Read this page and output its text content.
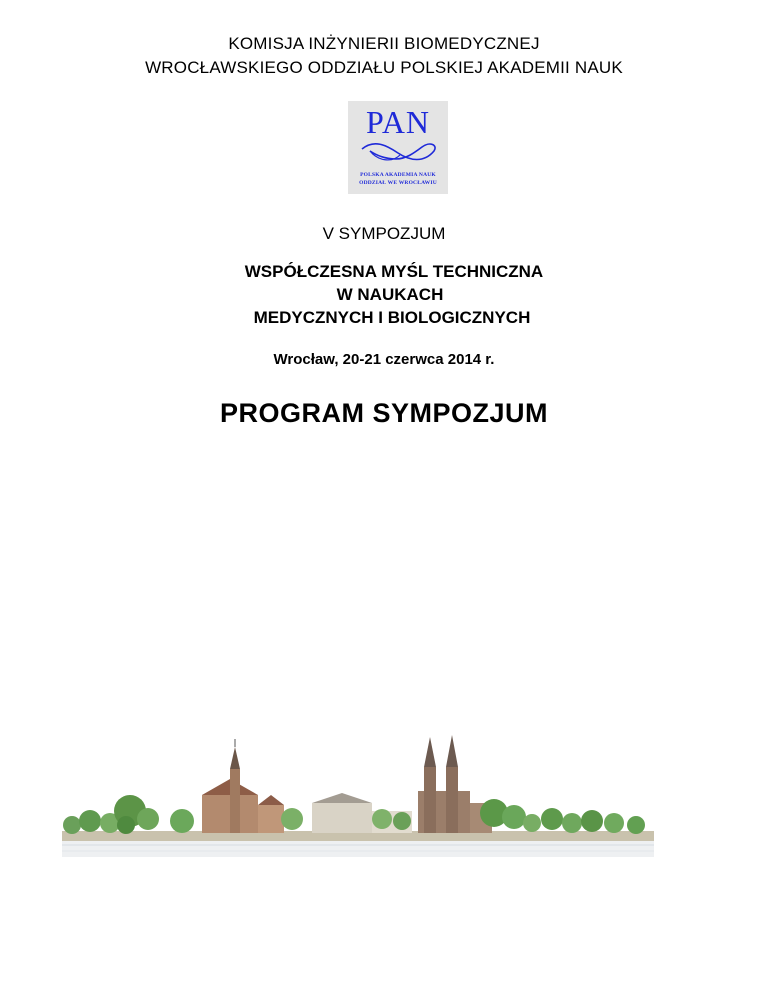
KOMISJA INŻYNIERII BIOMEDYCZNEJ
WROCŁAWSKIEGO ODDZIAŁU POLSKIEJ AKADEMII NAUK
PAN
POLSKA AKADEMIA NAUK
ODDZIAŁ WE WROCŁAWIU
V SYMPOZJUM
WSPÓŁCZESNA MYŚL TECHNICZNA
W NAUKACH
MEDYCZNYCH I BIOLOGICZNYCH
Wrocław, 20-21 czerwca 2014 r.
PROGRAM SYMPOZJUM
